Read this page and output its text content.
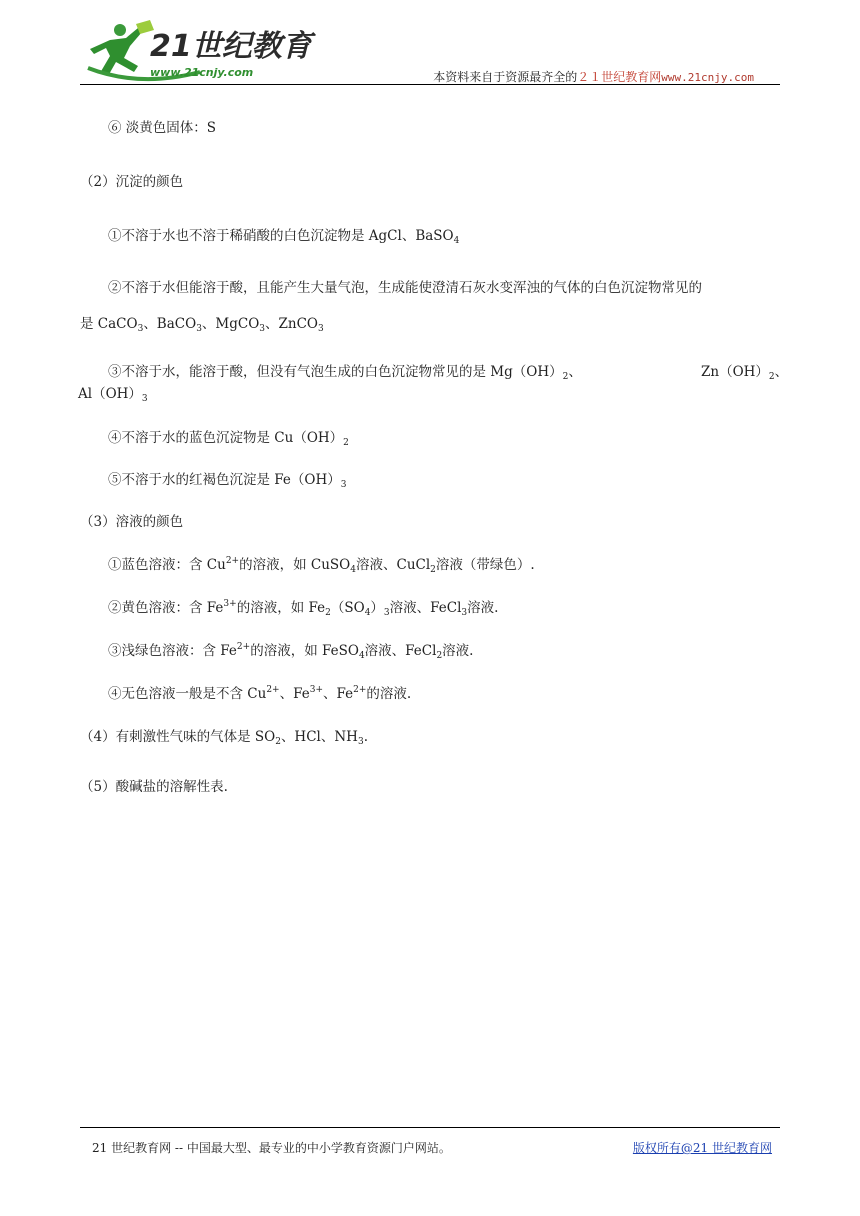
21世纪教育
www.21cnjy.com	本资料来自于资源最齐全的２１世纪教育网www.21cnjy.com
⑥ 淡黄色固体：S
（2）沉淀的颜色
①不溶于水也不溶于稀硝酸的白色沉淀物是 AgCl、BaSO$_4$
②不溶于水但能溶于酸，且能产生大量气泡，生成能使澄清石灰水变浑浊的气体的白色沉淀物常见的
是 CaCO$_3$、BaCO$_3$、MgCO$_3$、ZnCO$_3$
③不溶于水，能溶于酸，但没有气泡生成的白色沉淀物常见的是 $Mg(OH)_2$、	$Zn(OH)_2$、
$Al(OH)_3$
④不溶于水的蓝色沉淀物是 $Cu(OH)_2$
⑤不溶于水的红褐色沉淀是 $Fe(OH)_3$
（3）溶液的颜色
①蓝色溶液：含 $Cu^{2+}$的溶液，如 CuSO$_4$溶液、CuCl$_2$溶液（带绿色）.
②黄色溶液：含 $Fe^{3+}$的溶液，如 $Fe_2(SO_4)_3$溶液、FeCl$_3$溶液.
③浅绿色溶液：含 $Fe^{2+}$的溶液，如 FeSO$_4$溶液、FeCl$_2$溶液.
④无色溶液一般是不含 $Cu^{2+}$、$Fe^{3+}$、$Fe^{2+}$的溶液.
（4）有刺激性气味的气体是 $SO_2$、HCl、$NH_3$.
（5）酸碱盐的溶解性表.
21 世纪教育网 -- 中国最大型、最专业的中小学教育资源门户网站。	版权所有@21 世纪教育网
